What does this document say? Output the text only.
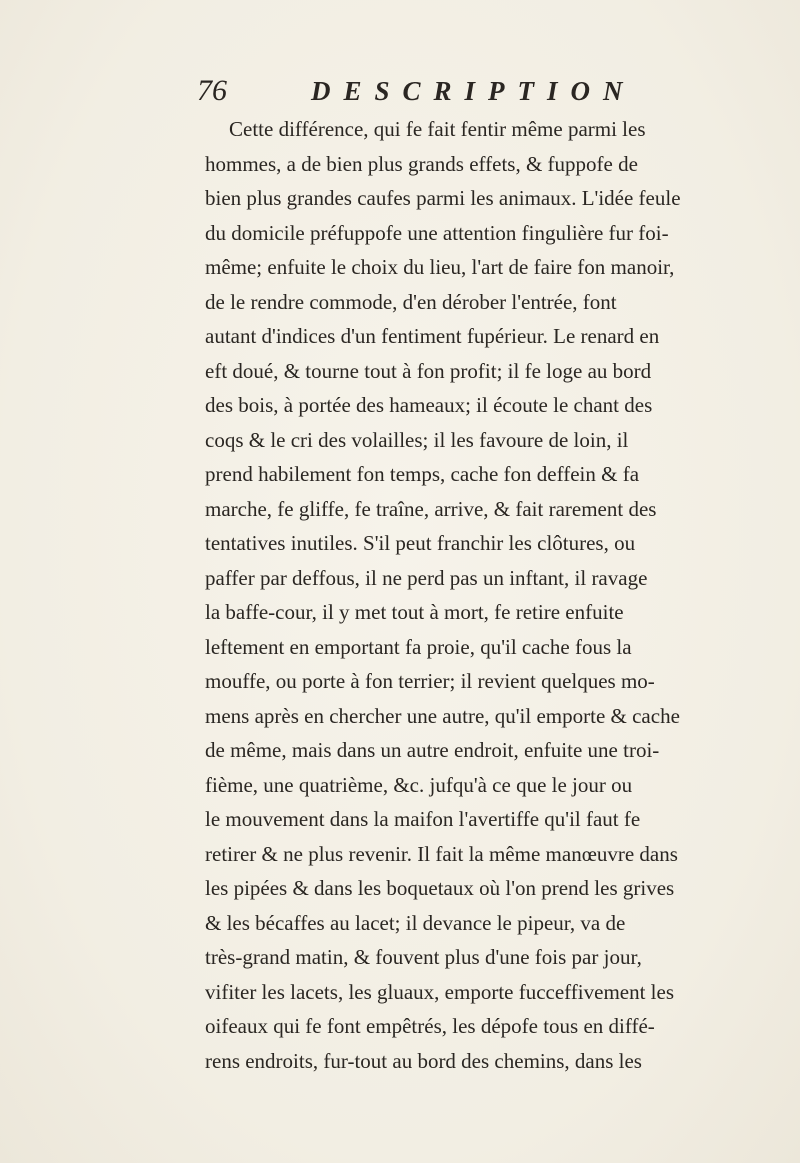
76	DESCRIPTION
Cette différence, qui fe fait fentir même parmi les
hommes, a de bien plus grands effets, & fuppofe de
bien plus grandes caufes parmi les animaux. L'idée feule
du domicile préfuppofe une attention fingulière fur foi-
même; enfuite le choix du lieu, l'art de faire fon manoir,
de le rendre commode, d'en dérober l'entrée, font
autant d'indices d'un fentiment fupérieur. Le renard en
eft doué, & tourne tout à fon profit; il fe loge au bord
des bois, à portée des hameaux; il écoute le chant des
coqs & le cri des volailles; il les favoure de loin, il
prend habilement fon temps, cache fon deffein & fa
marche, fe gliffe, fe traîne, arrive, & fait rarement des
tentatives inutiles. S'il peut franchir les clôtures, ou
paffer par deffous, il ne perd pas un inftant, il ravage
la baffe-cour, il y met tout à mort, fe retire enfuite
leftement en emportant fa proie, qu'il cache fous la
mouffe, ou porte à fon terrier; il revient quelques mo-
mens après en chercher une autre, qu'il emporte & cache
de même, mais dans un autre endroit, enfuite une troi-
fième, une quatrième, &c. jufqu'à ce que le jour ou
le mouvement dans la maifon l'avertiffe qu'il faut fe
retirer & ne plus revenir. Il fait la même manœuvre dans
les pipées & dans les boquetaux où l'on prend les grives
& les bécaffes au lacet; il devance le pipeur, va de
très-grand matin, & fouvent plus d'une fois par jour,
vifiter les lacets, les gluaux, emporte fucceffivement les
oifeaux qui fe font empêtrés, les dépofe tous en diffé-
rens endroits, fur-tout au bord des chemins, dans les
